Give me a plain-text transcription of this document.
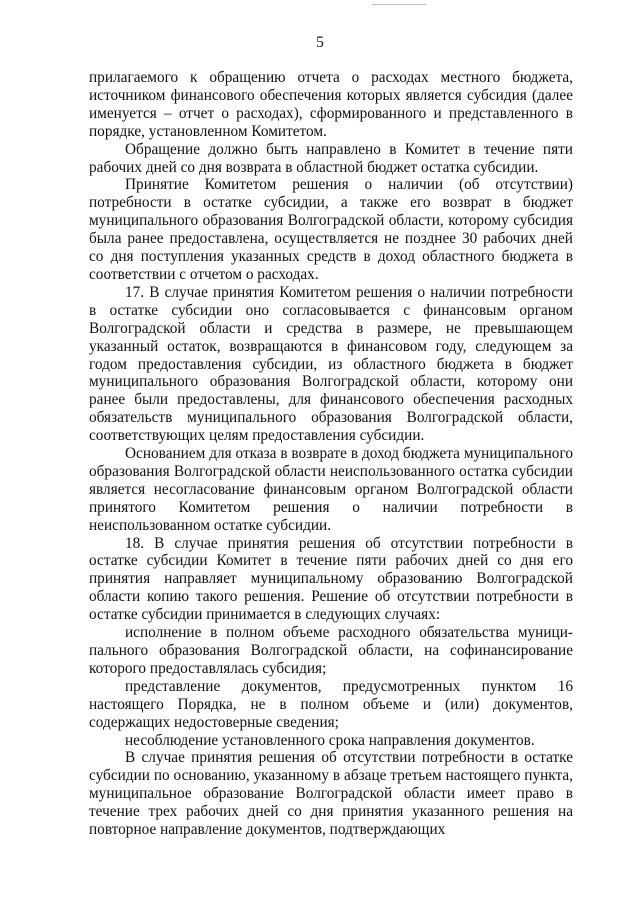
5

прилагаемого к обращению отчета о расходах местного бюджета, источником финансового обеспечения которых является субсидия (далее именуется – отчет о расходах), сформированного и представленного в порядке, установленном Комитетом.

Обращение должно быть направлено в Комитет в течение пяти рабочих дней со дня возврата в областной бюджет остатка субсидии.

Принятие Комитетом решения о наличии (об отсутствии) потребности в остатке субсидии, а также его возврат в бюджет муниципального образования Волгоградской области, которому субсидия была ранее предоставлена, осуществляется не позднее 30 рабочих дней со дня поступления указанных средств в доход областного бюджета в соответствии с отчетом о расходах.

17. В случае принятия Комитетом решения о наличии потребности в остатке субсидии оно согласовывается с финансовым органом Волгоградской области и средства в размере, не превышающем указанный остаток, возвращаются в финансовом году, следующем за годом предоставления субсидии, из областного бюджета в бюджет муниципального образования Волгоградской области, которому они ранее были предоставлены, для финансового обеспечения расходных обязательств муниципального образования Волгоградской области, соответствующих целям предоставления субсидии.

Основанием для отказа в возврате в доход бюджета муниципального образования Волгоградской области неиспользованного остатка субсидии является несогласование финансовым органом Волгоградской области принятого Комитетом решения о наличии потребности в неиспользованном остатке субсидии.

18. В случае принятия решения об отсутствии потребности в остатке субсидии Комитет в течение пяти рабочих дней со дня его принятия направляет муниципальному образованию Волгоградской области копию такого решения. Решение об отсутствии потребности в остатке субсидии принимается в следующих случаях:

исполнение в полном объеме расходного обязательства муници-пального образования Волгоградской области, на софинансирование которого предоставлялась субсидия;

представление документов, предусмотренных пунктом 16 настоящего Порядка, не в полном объеме и (или) документов, содержащих недостоверные сведения;

несоблюдение установленного срока направления документов.

В случае принятия решения об отсутствии потребности в остатке субсидии по основанию, указанному в абзаце третьем настоящего пункта, муниципальное образование Волгоградской области имеет право в течение трех рабочих дней со дня принятия указанного решения на повторное направление документов, подтверждающих
